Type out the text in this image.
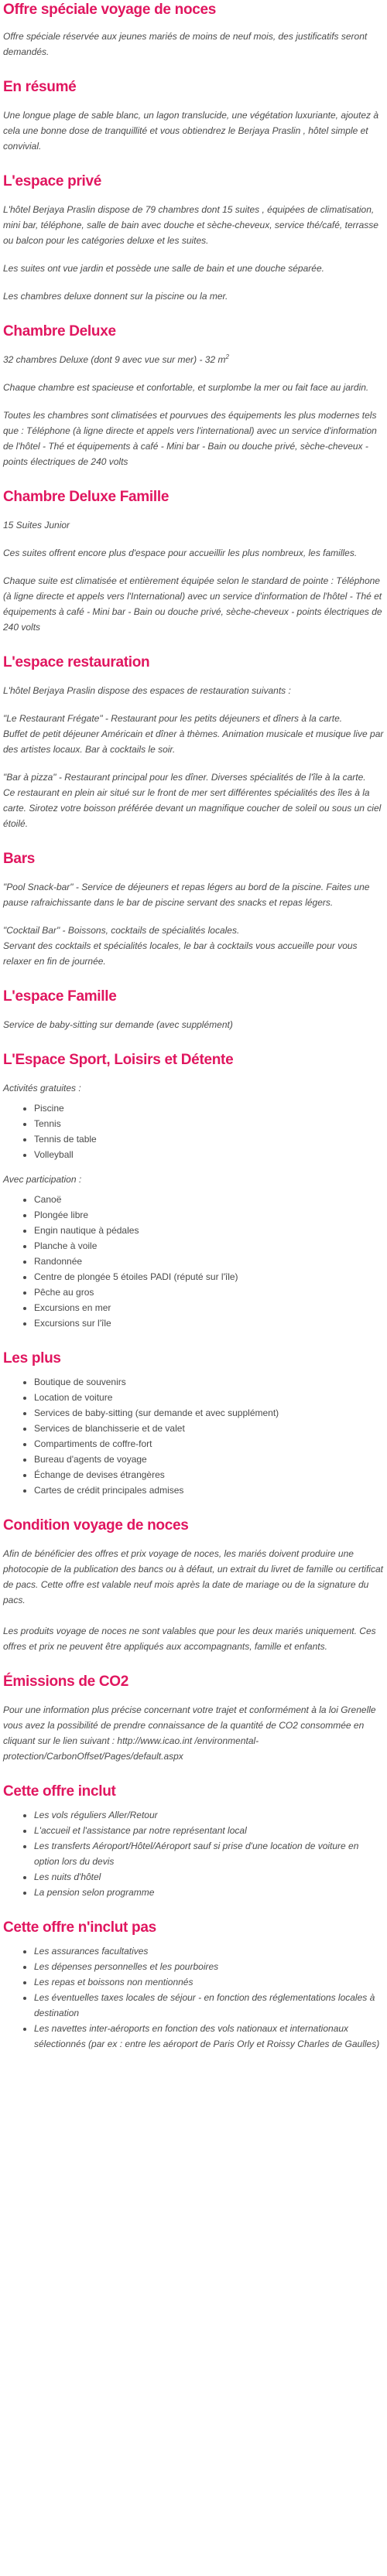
Offre spéciale voyage de noces

Offre spéciale réservée aux jeunes mariés de moins de neuf mois, des justificatifs seront demandés.

En résumé

Une longue plage de sable blanc, un lagon translucide, une végétation luxuriante, ajoutez à cela une bonne dose de tranquillité et vous obtiendrez le Berjaya Praslin , hôtel simple et convivial.

L'espace privé

L'hôtel Berjaya Praslin dispose de 79 chambres dont 15 suites , équipées de climatisation, mini bar, téléphone, salle de bain avec douche et sèche-cheveux, service thé/café, terrasse ou balcon pour les catégories deluxe et les suites.

Les suites ont vue jardin et possède une salle de bain et une douche séparée.

Les chambres deluxe donnent sur la piscine ou la mer.

Chambre Deluxe

32 chambres Deluxe (dont 9 avec vue sur mer) - 32 $m^2$

Chaque chambre est spacieuse et confortable, et surplombe la mer ou fait face au jardin.

Toutes les chambres sont climatisées et pourvues des équipements les plus modernes tels que : Téléphone (à ligne directe et appels vers l'international) avec un service d'information de l'hôtel - Thé et équipements à café - Mini bar - Bain ou douche privé, sèche-cheveux - points électriques de 240 volts

Chambre Deluxe Famille

15 Suites Junior

Ces suites offrent encore plus d'espace pour accueillir les plus nombreux, les familles.

Chaque suite est climatisée et entièrement équipée selon le standard de pointe : Téléphone (à ligne directe et appels vers l'International) avec un service d'information de l'hôtel - Thé et équipements à café - Mini bar - Bain ou douche privé, sèche-cheveux - points électriques de 240 volts

L'espace restauration

L'hôtel Berjaya Praslin dispose des espaces de restauration suivants :

"Le Restaurant Frégate" - Restaurant pour les petits déjeuners et dîners à la carte.

Buffet de petit déjeuner Américain et dîner à thèmes. Animation musicale et musique live par des artistes locaux. Bar à cocktails le soir.

"Bar à pizza" - Restaurant principal pour les dîner. Diverses spécialités de l'île à la carte.

Ce restaurant en plein air situé sur le front de mer sert différentes spécialités des îles à la carte. Sirotez votre boisson préférée devant un magnifique coucher de soleil ou sous un ciel étoilé.

Bars

"Pool Snack-bar" - Service de déjeuners et repas légers au bord de la piscine. Faites une pause rafraichissante dans le bar de piscine servant des snacks et repas légers.

"Cocktail Bar" - Boissons, cocktails de spécialités locales.

Servant des cocktails et spécialités locales, le bar à cocktails vous accueille pour vous relaxer en fin de journée.

L'espace Famille

Service de baby-sitting sur demande (avec supplément)

L'Espace Sport, Loisirs et Détente

Activités gratuites :

• Piscine
• Tennis
• Tennis de table
• Volleyball

Avec participation :

• Canoë
• Plongée libre
• Engin nautique à pédales
• Planche à voile
• Randonnée
• Centre de plongée 5 étoiles PADI (réputé sur l'île)
• Pêche au gros
• Excursions en mer
• Excursions sur l'île
Les plus
• Boutique de souvenirs
• Location de voiture
• Services de baby-sitting (sur demande et avec supplément)
• Services de blanchisserie et de valet
• Compartiments de coffre-fort
• Bureau d'agents de voyage
• Échange de devises étrangères
• Cartes de crédit principales admises
Condition voyage de noces

Afin de bénéficier des offres et prix voyage de noces, les mariés doivent produire une photocopie de la publication des bancs ou à défaut, un extrait du livret de famille ou certificat de pacs. Cette offre est valable neuf mois après la date de mariage ou de la signature du pacs.

Les produits voyage de noces ne sont valables que pour les deux mariés uniquement. Ces offres et prix ne peuvent être appliqués aux accompagnants, famille et enfants.

Émissions de CO2

Pour une information plus précise concernant votre trajet et conformément à la loi Grenelle vous avez la possibilité de prendre connaissance de la quantité de CO2 consommée en cliquant sur le lien suivant : http://www.icao.int /environmental-protection/CarbonOffset/Pages/default.aspx

Cette offre inclut
• Les vols réguliers Aller/Retour
• L'accueil et l'assistance par notre représentant local
• Les transferts Aéroport/Hôtel/Aéroport sauf si prise d'une location de voiture en option lors du devis
• Les nuits d'hôtel
• La pension selon programme
Cette offre n'inclut pas
• Les assurances facultatives
• Les dépenses personnelles et les pourboires
• Les repas et boissons non mentionnés
• Les éventuelles taxes locales de séjour - en fonction des réglementations locales à destination
• Les navettes inter-aéroports en fonction des vols nationaux et internationaux sélectionnés (par ex : entre les aéroport de Paris Orly et Roissy Charles de Gaulles)
